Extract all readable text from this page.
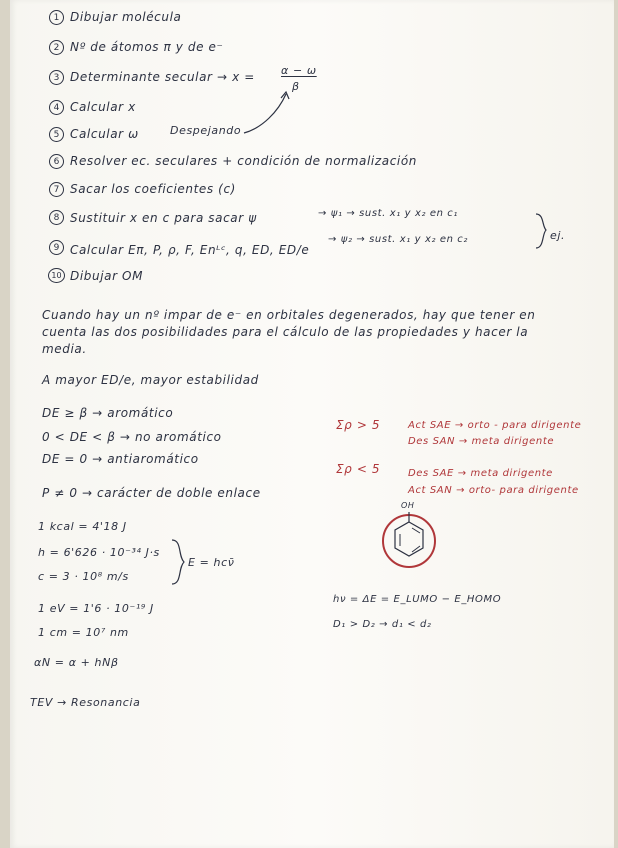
1 Dibujar molécula
2 Nº de átomos π y de e⁻
3 Determinante secular → x = α − ω
β
4 Calcular x
5 Calcular ω	Despejando
6 Resolver ec. seculares + condición de normalización
7 Sacar los coeficientes (c)
8 Sustituir x en c para sacar ψ	→ ψ₁ → sust. x₁ y x₂ en c₁
→ ψ₂ → sust. x₁ y x₂ en c₂	ej.
9 Calcular Eπ, P, ρ, F, Enᴸᶜ, q, ED, ED/e
10 Dibujar OM
Cuando hay un nº impar de e⁻ en orbitales degenerados, hay que tener en cuenta las dos posibilidades para el cálculo de las propiedades y hacer la media.
A mayor ED/e, mayor estabilidad
DE ≥ β → aromático
0 < DE < β → no aromático
DE = 0 → antiaromático
P ≠ 0 → carácter de doble enlace
1 kcal = 4'18 J
h = 6'626 · 10⁻³⁴ J·s
c = 3 · 10⁸ m/s
E = hcν̄
1 eV = 1'6 · 10⁻¹⁹ J
1 cm = 10⁷ nm
αN = α + hNβ
TEV → Resonancia
Σρ > 5	Act SAE → orto - para dirigente
Des SAN → meta dirigente
Σρ < 5	Des SAE → meta dirigente
Act SAN → orto- para dirigente
OH
hν = ΔE = E_LUMO − E_HOMO
D₁ > D₂ → d₁ < d₂
